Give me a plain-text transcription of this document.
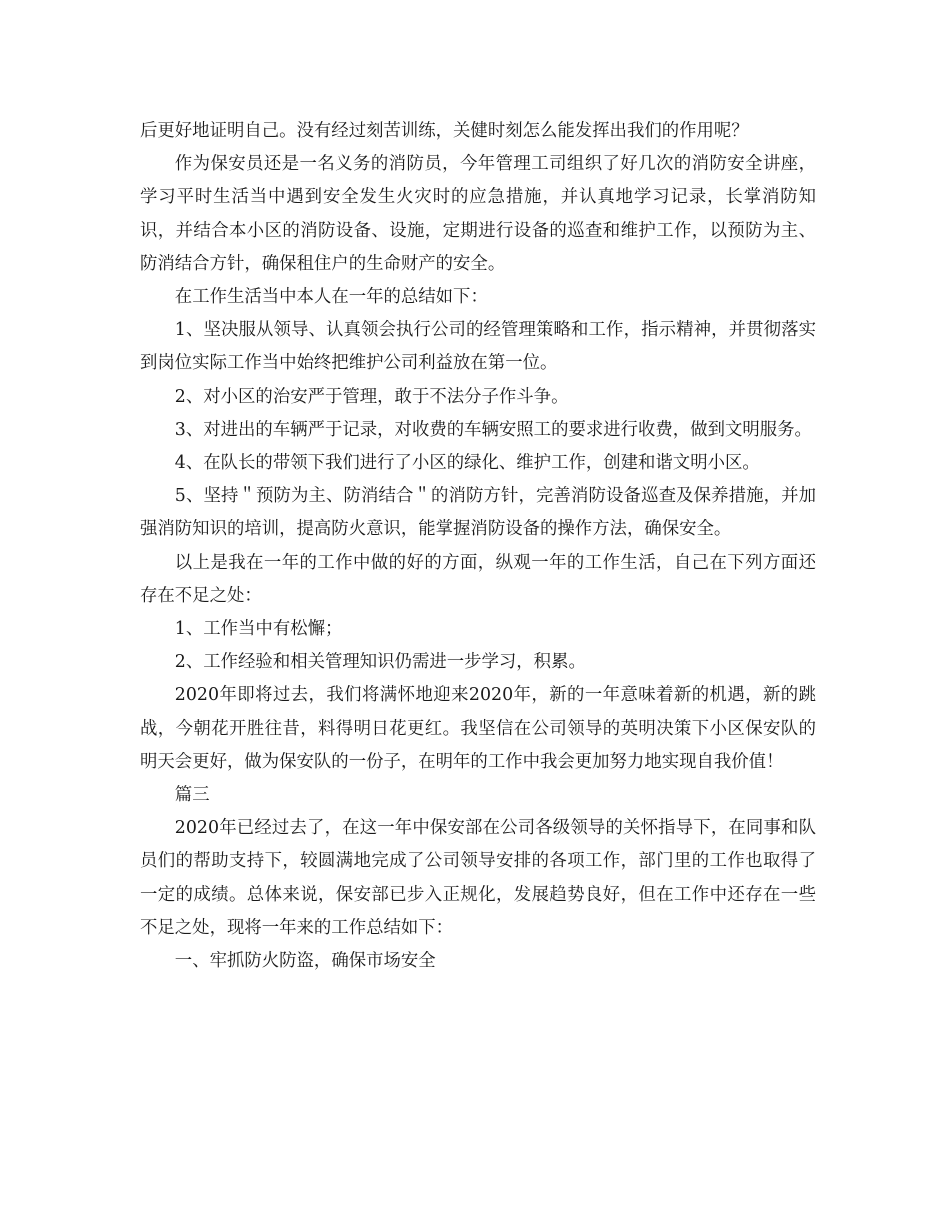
后更好地证明自己。没有经过刻苦训练，关健时刻怎么能发挥出我们的作用呢？

作为保安员还是一名义务的消防员，今年管理工司组织了好几次的消防安全讲座，学习平时生活当中遇到安全发生火灾时的应急措施，并认真地学习记录，长掌消防知识，并结合本小区的消防设备、设施，定期进行设备的巡查和维护工作，以预防为主、防消结合方针，确保租住户的生命财产的安全。

在工作生活当中本人在一年的总结如下：

1、坚决服从领导、认真领会执行公司的经管理策略和工作，指示精神，并贯彻落实到岗位实际工作当中始终把维护公司利益放在第一位。

2、对小区的治安严于管理，敢于不法分子作斗争。

3、对进出的车辆严于记录，对收费的车辆安照工的要求进行收费，做到文明服务。

4、在队长的带领下我们进行了小区的绿化、维护工作，创建和谐文明小区。

5、坚持＂预防为主、防消结合＂的消防方针，完善消防设备巡查及保养措施，并加强消防知识的培训，提高防火意识，能掌握消防设备的操作方法，确保安全。

以上是我在一年的工作中做的好的方面，纵观一年的工作生活，自己在下列方面还存在不足之处：

1、工作当中有松懈；

2、工作经验和相关管理知识仍需进一步学习，积累。

2020年即将过去，我们将满怀地迎来2020年，新的一年意味着新的机遇，新的跳战，今朝花开胜往昔，料得明日花更红。我坚信在公司领导的英明决策下小区保安队的明天会更好，做为保安队的一份子，在明年的工作中我会更加努力地实现自我价值！

篇三

2020年已经过去了，在这一年中保安部在公司各级领导的关怀指导下，在同事和队员们的帮助支持下，较圆满地完成了公司领导安排的各项工作，部门里的工作也取得了一定的成绩。总体来说，保安部已步入正规化，发展趋势良好，但在工作中还存在一些不足之处，现将一年来的工作总结如下：

一、牢抓防火防盗，确保市场安全
